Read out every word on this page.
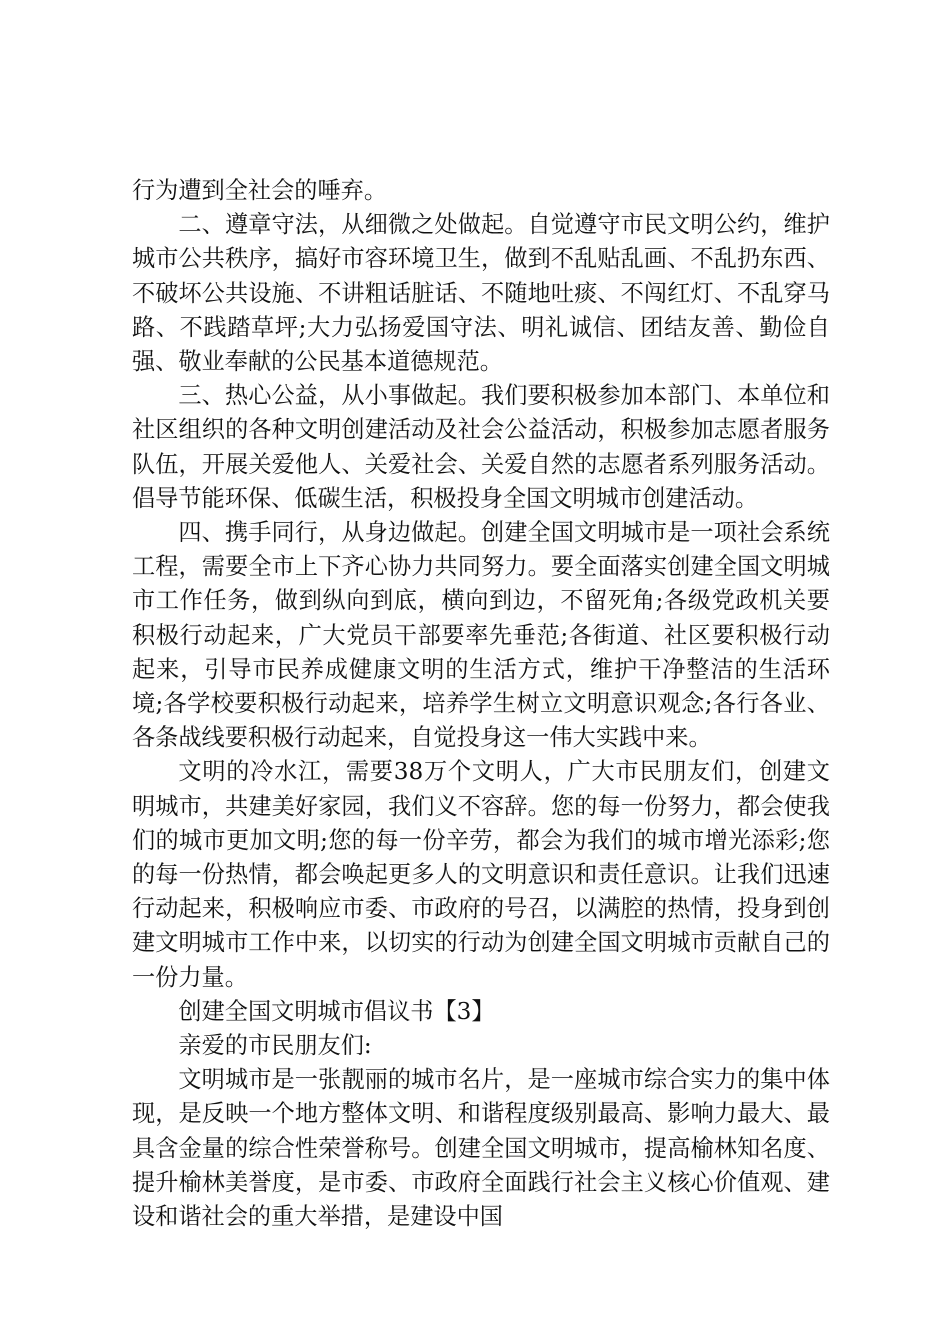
行为遭到全社会的唾弃。

二、遵章守法，从细微之处做起。自觉遵守市民文明公约，维护城市公共秩序，搞好市容环境卫生，做到不乱贴乱画、不乱扔东西、不破坏公共设施、不讲粗话脏话、不随地吐痰、不闯红灯、不乱穿马路、不践踏草坪;大力弘扬爱国守法、明礼诚信、团结友善、勤俭自强、敬业奉献的公民基本道德规范。

三、热心公益，从小事做起。我们要积极参加本部门、本单位和社区组织的各种文明创建活动及社会公益活动，积极参加志愿者服务队伍，开展关爱他人、关爱社会、关爱自然的志愿者系列服务活动。倡导节能环保、低碳生活，积极投身全国文明城市创建活动。

四、携手同行，从身边做起。创建全国文明城市是一项社会系统工程，需要全市上下齐心协力共同努力。要全面落实创建全国文明城市工作任务，做到纵向到底，横向到边，不留死角;各级党政机关要积极行动起来，广大党员干部要率先垂范;各街道、社区要积极行动起来，引导市民养成健康文明的生活方式，维护干净整洁的生活环境;各学校要积极行动起来，培养学生树立文明意识观念;各行各业、各条战线要积极行动起来，自觉投身这一伟大实践中来。

文明的冷水江，需要38万个文明人，广大市民朋友们，创建文明城市，共建美好家园，我们义不容辞。您的每一份努力，都会使我们的城市更加文明;您的每一份辛劳，都会为我们的城市增光添彩;您的每一份热情，都会唤起更多人的文明意识和责任意识。让我们迅速行动起来，积极响应市委、市政府的号召，以满腔的热情，投身到创建文明城市工作中来，以切实的行动为创建全国文明城市贡献自己的一份力量。

创建全国文明城市倡议书【3】

亲爱的市民朋友们:

文明城市是一张靓丽的城市名片，是一座城市综合实力的集中体现，是反映一个地方整体文明、和谐程度级别最高、影响力最大、最具含金量的综合性荣誉称号。创建全国文明城市，提高榆林知名度、提升榆林美誉度，是市委、市政府全面践行社会主义核心价值观、建设和谐社会的重大举措，是建设中国
